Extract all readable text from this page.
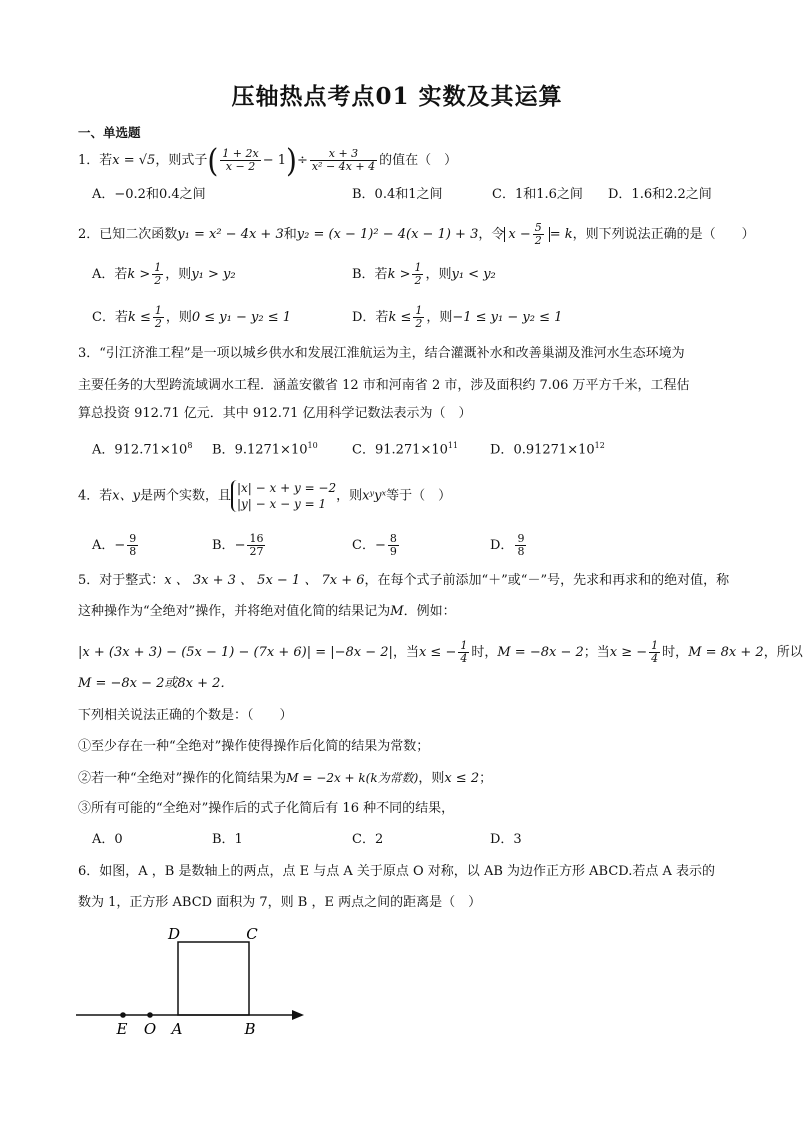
压轴热点考点01 实数及其运算
一、单选题
1．若x = √5，则式子( $\frac{1 + 2x}{x - 2} - 1)\div \frac{x + 3}{\text{x² − 4x + 4}}$ 的值在（　）
A．−0.2和0.4之间	B．0.4和1之间	C．1和1.6之间 D．1.6和2.2之间
2．已知二次函数y₁ = x² − 4x + 3和y₂ = (x − 1)² − 4(x − 1) + 3，令 $x - \frac{5}{2} = k$，则下列说法正确的是（　　）
A．若$k > \frac{1}{2}$ ，则y₁ > y₂	B．若$k > \frac{1}{2}$ ，则y₁ < y₂
C．若$k \le \frac{1}{2}$ ，则0 ≤ y₁ − y₂ ≤ 1	D．若$k \le \frac{1}{2}$ ，则−1 ≤ y₁ − y₂ ≤ 1
3．“引江济淮工程”是一项以城乡供水和发展江淮航运为主，结合灌溉补水和改善巢湖及淮河水生态环境为
主要任务的大型跨流域调水工程．涵盖安徽省 12 市和河南省 2 市，涉及面积约 7.06 万平方千米，工程估
算总投资 912.71 亿元．其中 912.71 亿用科学记数法表示为（　）
A．$912.71\times 10^8$ B．$9.1271\times 10^{10}$	C．$91.271\times 10^{11}$ D．$0.91271\times 10^{12}$
4．若x、y是两个实数，且
|x| − x + y = −2
|y| − x − y = 1
，则xʸyˣ等于（　）
A．− $\frac{9}{8}$	B．− $\frac{16}{27}$	C．− $\frac{8}{9}$	D． $\frac{9}{8}$
5．对于整式：x 、 3x + 3 、 5x − 1 、 7x + 6，在每个式子前添加“＋”或“－”号，先求和再求和的绝对值，称
这种操作为“全绝对”操作，并将绝对值化简的结果记为M．例如：
|x + (3x + 3) − (5x − 1) − (7x + 6)| = |−8x − 2|，当x ≤ − $\frac{1}{4}$ 时，M = −8x − 2；当x ≥ − $\frac{1}{4}$ 时，M = 8x + 2，所以
M = −8x − 2或8x + 2．
下列相关说法正确的个数是：（　　）
①至少存在一种“全绝对”操作使得操作后化简的结果为常数；
②若一种“全绝对”操作的化简结果为M = −2x + k(k为常数)，则x ≤ 2；
③所有可能的“全绝对”操作后的式子化简后有 16 种不同的结果，
A．0	B．1	C．2	D．3
6．如图，A ，B 是数轴上的两点，点 E 与点 A 关于原点 O 对称，以 AB 为边作正方形 ABCD.若点 A 表示的
数为 1，正方形 ABCD 面积为 7，则 B ，E 两点之间的距离是（　）
D	C
E O A	B
